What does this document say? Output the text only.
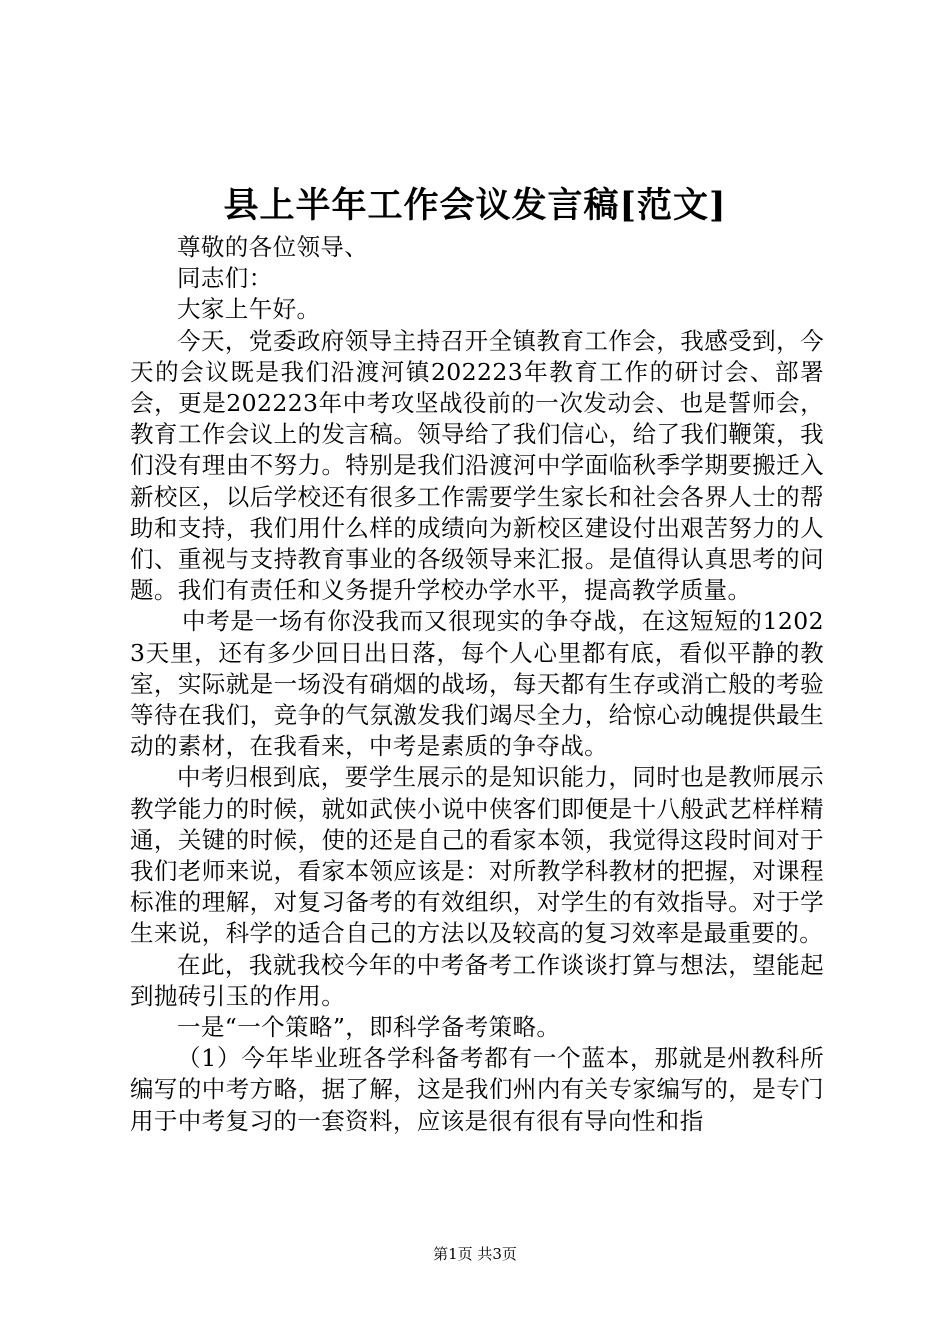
县上半年工作会议发言稿[范文]

尊敬的各位领导、

同志们：

大家上午好。

今天，党委政府领导主持召开全镇教育工作会，我感受到，今天的会议既是我们沿渡河镇202223年教育工作的研讨会、部署会，更是202223年中考攻坚战役前的一次发动会、也是誓师会，教育工作会议上的发言稿。领导给了我们信心，给了我们鞭策，我们没有理由不努力。特别是我们沿渡河中学面临秋季学期要搬迁入新校区，以后学校还有很多工作需要学生家长和社会各界人士的帮助和支持，我们用什么样的成绩向为新校区建设付出艰苦努力的人们、重视与支持教育事业的各级领导来汇报。是值得认真思考的问题。我们有责任和义务提升学校办学水平，提高教学质量。

中考是一场有你没我而又很现实的争夺战，在这短短的12023天里，还有多少回日出日落，每个人心里都有底，看似平静的教室，实际就是一场没有硝烟的战场，每天都有生存或消亡般的考验等待在我们，竞争的气氛激发我们竭尽全力，给惊心动魄提供最生动的素材，在我看来，中考是素质的争夺战。

中考归根到底，要学生展示的是知识能力，同时也是教师展示教学能力的时候，就如武侠小说中侠客们即便是十八般武艺样样精通，关键的时候，使的还是自己的看家本领，我觉得这段时间对于我们老师来说，看家本领应该是：对所教学科教材的把握，对课程标准的理解，对复习备考的有效组织，对学生的有效指导。对于学生来说，科学的适合自己的方法以及较高的复习效率是最重要的。

在此，我就我校今年的中考备考工作谈谈打算与想法，望能起到抛砖引玉的作用。

一是“一个策略”，即科学备考策略。

（1）今年毕业班各学科备考都有一个蓝本，那就是州教科所编写的中考方略，据了解，这是我们州内有关专家编写的，是专门用于中考复习的一套资料，应该是很有很有导向性和指

第1页 共3页
